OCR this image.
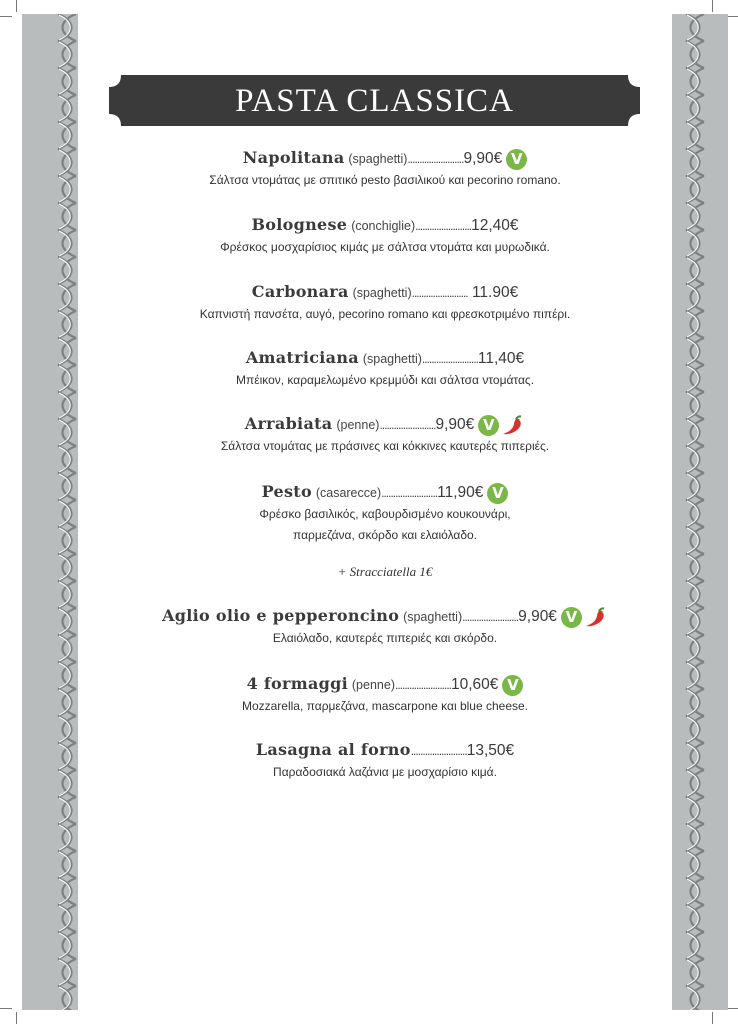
PASTA CLASSICA
Napolitana (spaghetti)........................9,90€ V
Σάλτσα ντομάτας με σπιτικό pesto βασιλικού και pecorino romano.
Bolognese (conchiglie)........................12,40€
Φρέσκος μοσχαρίσιος κιμάς με σάλτσα ντομάτα και μυρωδικά.
Carbonara (spaghetti)........................ 11.90€
Καπνιστή πανσέτα, αυγό, pecorino romano και φρεσκοτριμένο πιπέρι.
Amatriciana (spaghetti)........................11,40€
Μπέικον, καραμελωμένο κρεμμύδι και σάλτσα ντομάτας.
Arrabiata (penne)........................9,90€ V
Σάλτσα ντομάτας με πράσινες και κόκκινες καυτερές πιπεριές.
Pesto (casarecce)........................11,90€ V
Φρέσκο βασιλικός, καβουρδισμένο κουκουνάρι,
παρμεζάνα, σκόρδο και ελαιόλαδο.
Aglio olio e pepperoncino (spaghetti)........................9,90€ V
Ελαιόλαδο, καυτερές πιπεριές και σκόρδο.
4 formaggi (penne)........................10,60€ V
Mozzarella, παρμεζάνα, mascarpone και blue cheese.
Lasagna al forno........................13,50€
Παραδοσιακά λαζάνια με μοσχαρίσιο κιμά.
+ Stracciatella 1€
